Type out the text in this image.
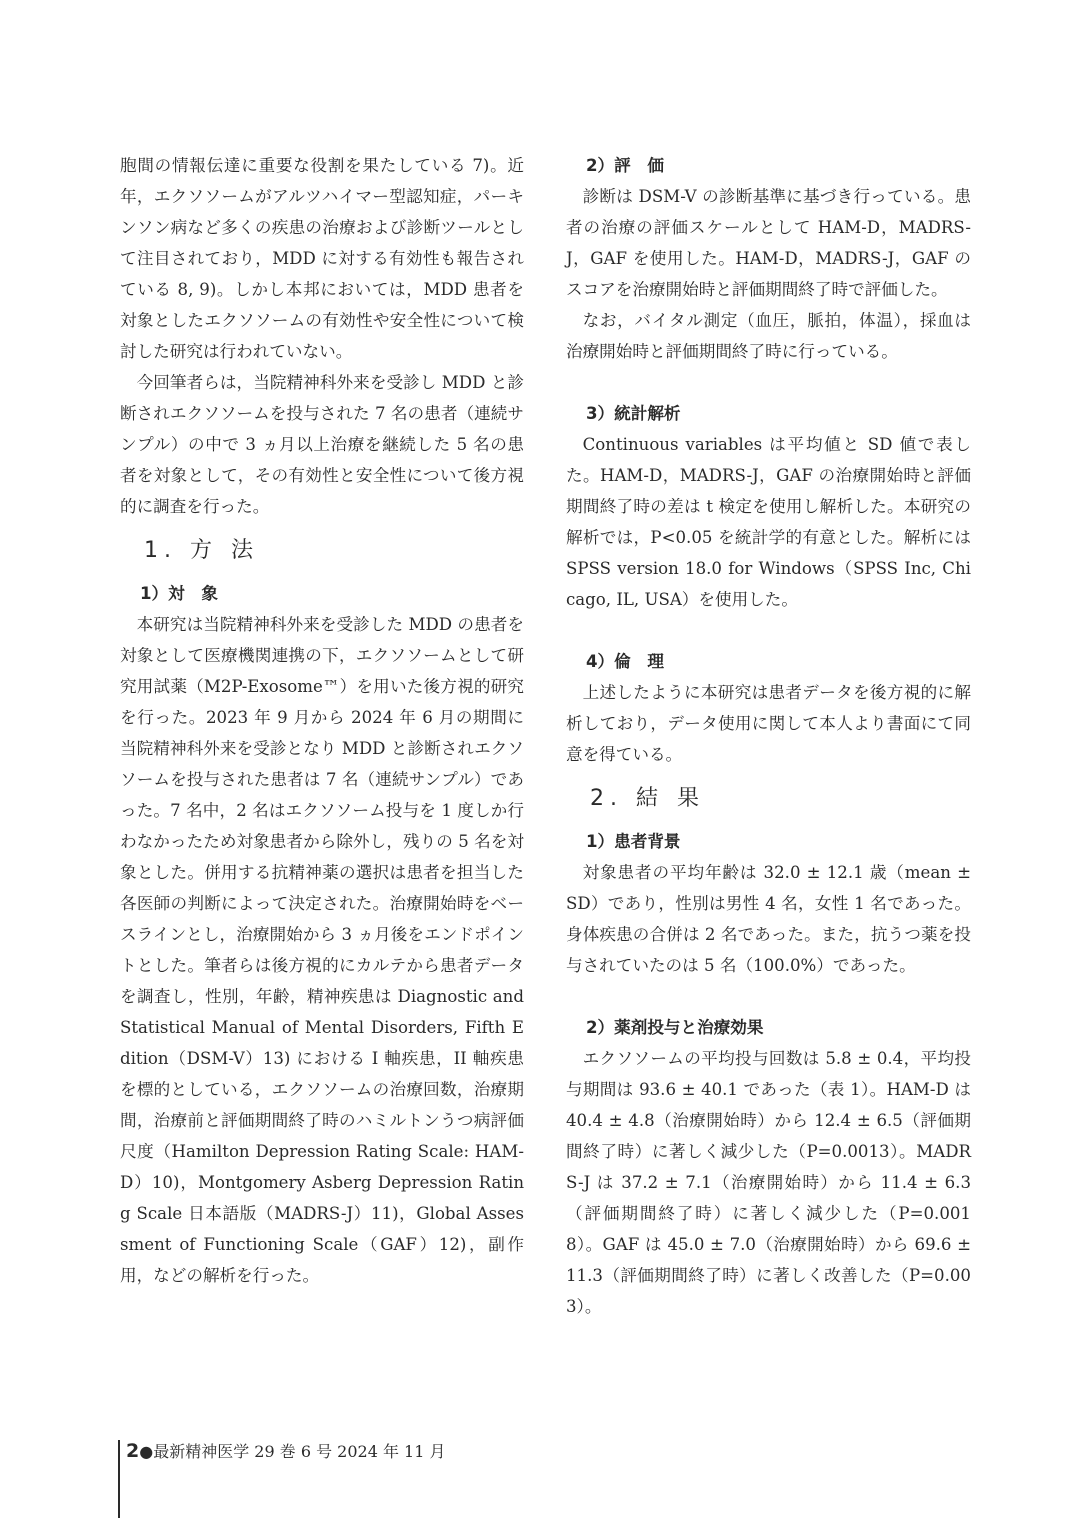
胞間の情報伝達に重要な役割を果たしている 7)。近年，エクソソームがアルツハイマー型認知症，パーキンソン病など多くの疾患の治療および診断ツールとして注目されており，MDD に対する有効性も報告されている 8, 9)。しかし本邦においては，MDD 患者を対象としたエクソソームの有効性や安全性について検討した研究は行われていない。

今回筆者らは，当院精神科外来を受診し MDD と診断されエクソソームを投与された 7 名の患者（連続サンプル）の中で 3 ヵ月以上治療を継続した 5 名の患者を対象として，その有効性と安全性について後方視的に調査を行った。

1. 方 法
1）対　象

本研究は当院精神科外来を受診した MDD の患者を対象として医療機関連携の下，エクソソームとして研究用試薬（M2P-Exosome™）を用いた後方視的研究を行った。2023 年 9 月から 2024 年 6 月の期間に当院精神科外来を受診となり MDD と診断されエクソソームを投与された患者は 7 名（連続サンプル）であった。7 名中，2 名はエクソソーム投与を 1 度しか行わなかったため対象患者から除外し，残りの 5 名を対象とした。併用する抗精神薬の選択は患者を担当した各医師の判断によって決定された。治療開始時をベースラインとし，治療開始から 3 ヵ月後をエンドポイントとした。筆者らは後方視的にカルテから患者データを調査し，性別，年齢，精神疾患は Diagnostic and Statistical Manual of Mental Disorders, Fifth Edition（DSM-V）13) における I 軸疾患，II 軸疾患を標的としている，エクソソームの治療回数，治療期間，治療前と評価期間終了時のハミルトンうつ病評価尺度（Hamilton Depression Rating Scale: HAM-D）10)，Montgomery Asberg Depression Rating Scale 日本語版（MADRS-J）11)，Global Assessment of Functioning Scale（GAF）12)，副作用，などの解析を行った。

2）評　価

診断は DSM-V の診断基準に基づき行っている。患者の治療の評価スケールとして HAM-D，MADRS-J，GAF を使用した。HAM-D，MADRS-J，GAF のスコアを治療開始時と評価期間終了時で評価した。

なお，バイタル測定（血圧，脈拍，体温），採血は治療開始時と評価期間終了時に行っている。

3）統計解析

Continuous variables は平均値と SD 値で表した。HAM-D，MADRS-J，GAF の治療開始時と評価期間終了時の差は t 検定を使用し解析した。本研究の解析では，P<0.05 を統計学的有意とした。解析には SPSS version 18.0 for Windows（SPSS Inc, Chicago, IL, USA）を使用した。

4）倫　理

上述したように本研究は患者データを後方視的に解析しており，データ使用に関して本人より書面にて同意を得ている。

2. 結 果
1）患者背景

対象患者の平均年齢は 32.0 ± 12.1 歳（mean ± SD）であり，性別は男性 4 名，女性 1 名であった。身体疾患の合併は 2 名であった。また，抗うつ薬を投与されていたのは 5 名（100.0%）であった。

2）薬剤投与と治療効果

エクソソームの平均投与回数は 5.8 ± 0.4，平均投与期間は 93.6 ± 40.1 であった（表 1）。HAM-D は 40.4 ± 4.8（治療開始時）から 12.4 ± 6.5（評価期間終了時）に著しく減少した（P=0.0013）。MADRS-J は 37.2 ± 7.1（治療開始時）から 11.4 ± 6.3（評価期間終了時）に著しく減少した（P=0.0018）。GAF は 45.0 ± 7.0（治療開始時）から 69.6 ± 11.3（評価期間終了時）に著しく改善した（P=0.003）。

2●最新精神医学 29 巻 6 号 2024 年 11 月
